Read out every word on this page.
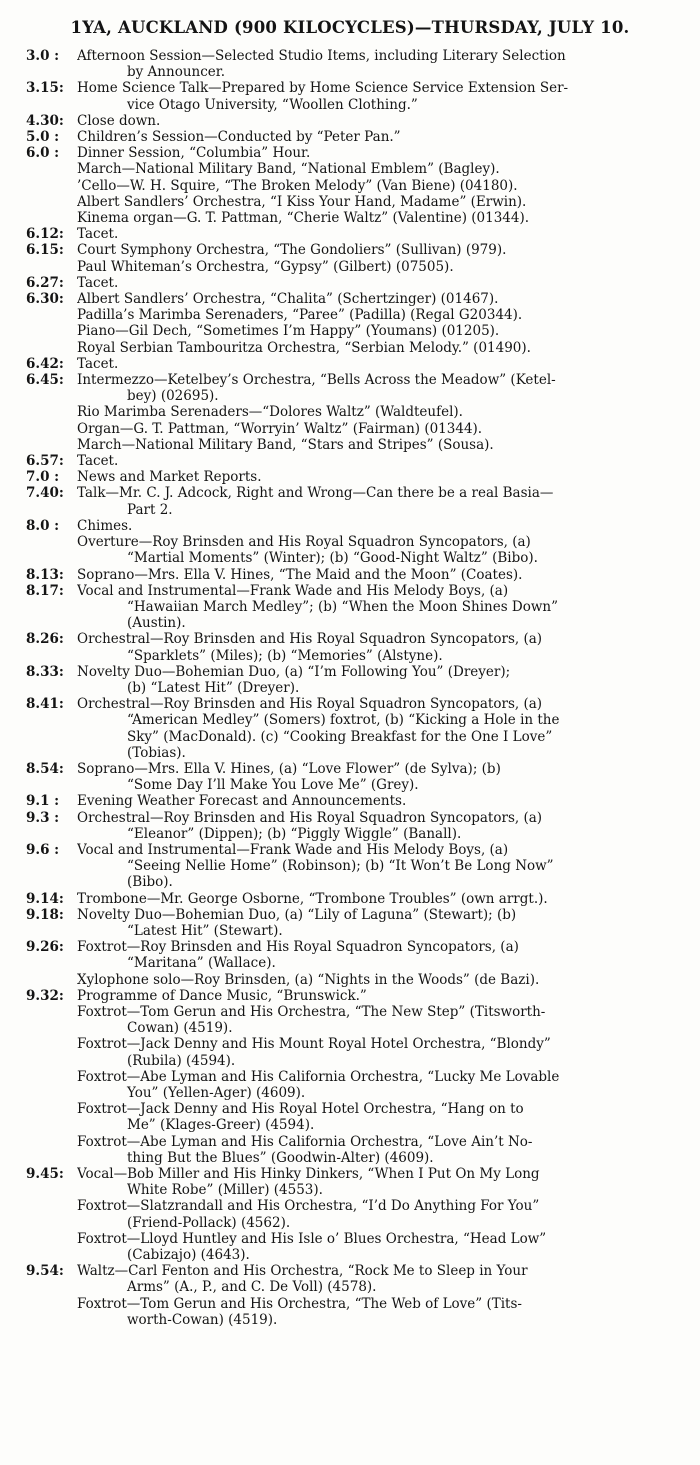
1YA, AUCKLAND (900 KILOCYCLES)—THURSDAY, JULY 10.
3.0 :	Afternoon Session—Selected Studio Items, including Literary Selection
by Announcer.
3.15: Home Science Talk—Prepared by Home Science Service Extension Ser-
vice Otago University, “Woollen Clothing.”
4.30: Close down.
5.0 :	Children’s Session—Conducted by “Peter Pan.”
6.0 :	Dinner Session, “Columbia” Hour.
March—National Military Band, “National Emblem” (Bagley).
’Cello—W. H. Squire, “The Broken Melody” (Van Biene) (04180).
Albert Sandlers’ Orchestra, “I Kiss Your Hand, Madame” (Erwin).
Kinema organ—G. T. Pattman, “Cherie Waltz” (Valentine) (01344).
6.12: Tacet.
6.15: Court Symphony Orchestra, “The Gondoliers” (Sullivan) (979).
Paul Whiteman’s Orchestra, “Gypsy” (Gilbert) (07505).
6.27: Tacet.
6.30: Albert Sandlers’ Orchestra, “Chalita” (Schertzinger) (01467).
Padilla’s Marimba Serenaders, “Paree” (Padilla) (Regal G20344).
Piano—Gil Dech, “Sometimes I’m Happy” (Youmans) (01205).
Royal Serbian Tambouritza Orchestra, “Serbian Melody.” (01490).
6.42: Tacet.
6.45: Intermezzo—Ketelbey’s Orchestra, “Bells Across the Meadow” (Ketel-
bey) (02695).
Rio Marimba Serenaders—“Dolores Waltz” (Waldteufel).
Organ—G. T. Pattman, “Worryin’ Waltz” (Fairman) (01344).
March—National Military Band, “Stars and Stripes” (Sousa).
6.57: Tacet.
7.0 :	News and Market Reports.
7.40: Talk—Mr. C. J. Adcock, Right and Wrong—Can there be a real Basia—
Part 2.
8.0 :	Chimes.
Overture—Roy Brinsden and His Royal Squadron Syncopators, (a)
“Martial Moments” (Winter); (b) “Good-Night Waltz” (Bibo).
8.13: Soprano—Mrs. Ella V. Hines, “The Maid and the Moon” (Coates).
8.17: Vocal and Instrumental—Frank Wade and His Melody Boys, (a)
“Hawaiian March Medley”; (b) “When the Moon Shines Down”
(Austin).
8.26: Orchestral—Roy Brinsden and His Royal Squadron Syncopators, (a)
“Sparklets” (Miles); (b) “Memories” (Alstyne).
8.33: Novelty Duo—Bohemian Duo, (a) “I’m Following You” (Dreyer);
(b) “Latest Hit” (Dreyer).
8.41: Orchestral—Roy Brinsden and His Royal Squadron Syncopators, (a)
“American Medley” (Somers) foxtrot, (b) “Kicking a Hole in the
Sky” (MacDonald). (c) “Cooking Breakfast for the One I Love”
(Tobias).
8.54: Soprano—Mrs. Ella V. Hines, (a) “Love Flower” (de Sylva); (b)
“Some Day I’ll Make You Love Me” (Grey).
9.1 :	Evening Weather Forecast and Announcements.
9.3 :	Orchestral—Roy Brinsden and His Royal Squadron Syncopators, (a)
“Eleanor” (Dippen); (b) “Piggly Wiggle” (Banall).
9.6 :	Vocal and Instrumental—Frank Wade and His Melody Boys, (a)
“Seeing Nellie Home” (Robinson); (b) “It Won’t Be Long Now”
(Bibo).
9.14: Trombone—Mr. George Osborne, “Trombone Troubles” (own arrgt.).
9.18: Novelty Duo—Bohemian Duo, (a) “Lily of Laguna” (Stewart); (b)
“Latest Hit” (Stewart).
9.26: Foxtrot—Roy Brinsden and His Royal Squadron Syncopators, (a)
“Maritana” (Wallace).
Xylophone solo—Roy Brinsden, (a) “Nights in the Woods” (de Bazi).
9.32: Programme of Dance Music, “Brunswick.”
Foxtrot—Tom Gerun and His Orchestra, “The New Step” (Titsworth-
Cowan) (4519).
Foxtrot—Jack Denny and His Mount Royal Hotel Orchestra, “Blondy”
(Rubila) (4594).
Foxtrot—Abe Lyman and His California Orchestra, “Lucky Me Lovable
You” (Yellen-Ager) (4609).
Foxtrot—Jack Denny and His Royal Hotel Orchestra, “Hang on to
Me” (Klages-Greer) (4594).
Foxtrot—Abe Lyman and His California Orchestra, “Love Ain’t No-
thing But the Blues” (Goodwin-Alter) (4609).
9.45: Vocal—Bob Miller and His Hinky Dinkers, “When I Put On My Long
White Robe” (Miller) (4553).
Foxtrot—Slatzrandall and His Orchestra, “I’d Do Anything For You”
(Friend-Pollack) (4562).
Foxtrot—Lloyd Huntley and His Isle o’ Blues Orchestra, “Head Low”
(Cabizajo) (4643).
9.54: Waltz—Carl Fenton and His Orchestra, “Rock Me to Sleep in Your
Arms” (A., P., and C. De Voll) (4578).
Foxtrot—Tom Gerun and His Orchestra, “The Web of Love” (Tits-
worth-Cowan) (4519).
